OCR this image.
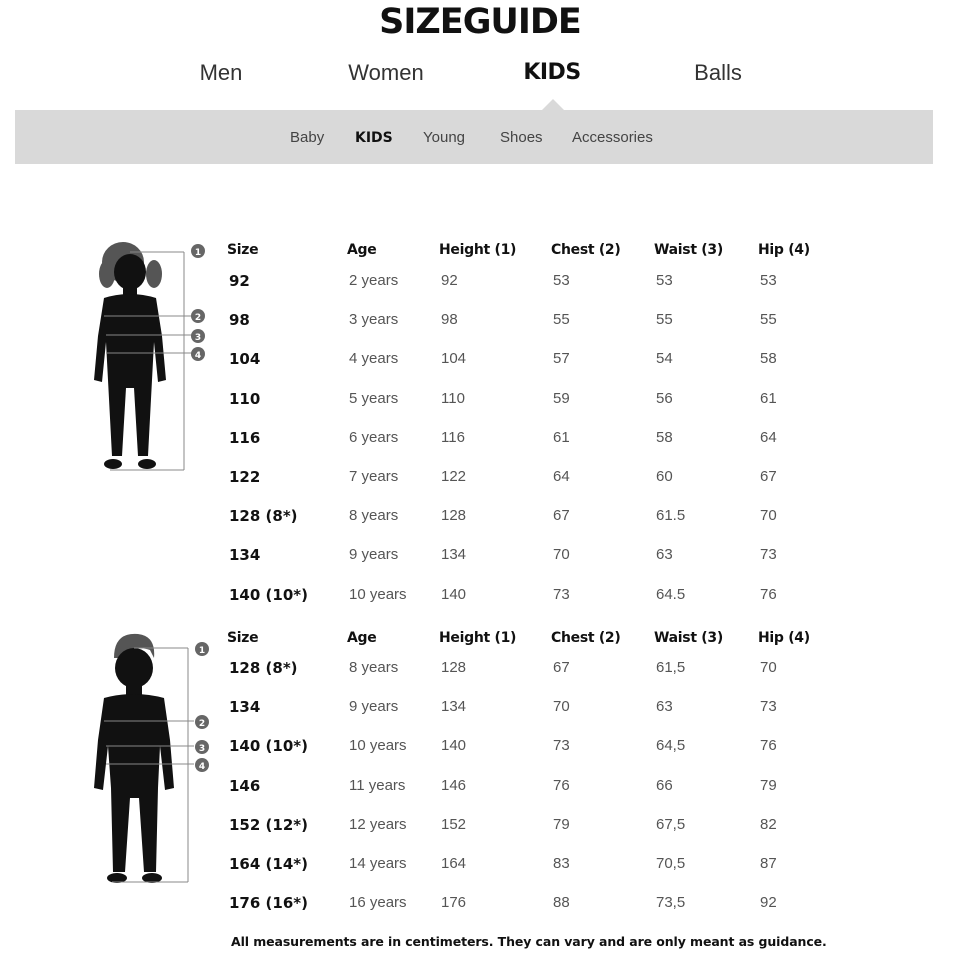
SIZEGUIDE
Men	Women	KIDS	Balls
Baby KIDS Young Shoes Accessories
1
2
3
4
1
2
3
4
Size	Age	Height (1) Chest (2) Waist (3)	Hip (4)
92	2 years	92	53	53	53
98	3 years	98	55	55	55
104	4 years	104	57	54	58
110	5 years	110	59	56	61
116	6 years	116	61	58	64
122	7 years	122	64	60	67
128 (8*)	8 years	128	67	61.5	70
134	9 years	134	70	63	73
140 (10*)	10 years 140	73	64.5	76
Size	Age	Height (1) Chest (2) Waist (3)	Hip (4)
128 (8*)	8 years	128	67	61,5	70
134	9 years	134	70	63	73
140 (10*)	10 years 140	73	64,5	76
146	11 years 146	76	66	79
152 (12*)	12 years 152	79	67,5	82
164 (14*)	14 years 164	83	70,5	87
176 (16*)	16 years 176	88	73,5	92
All measurements are in centimeters. They can vary and are only meant as guidance.
